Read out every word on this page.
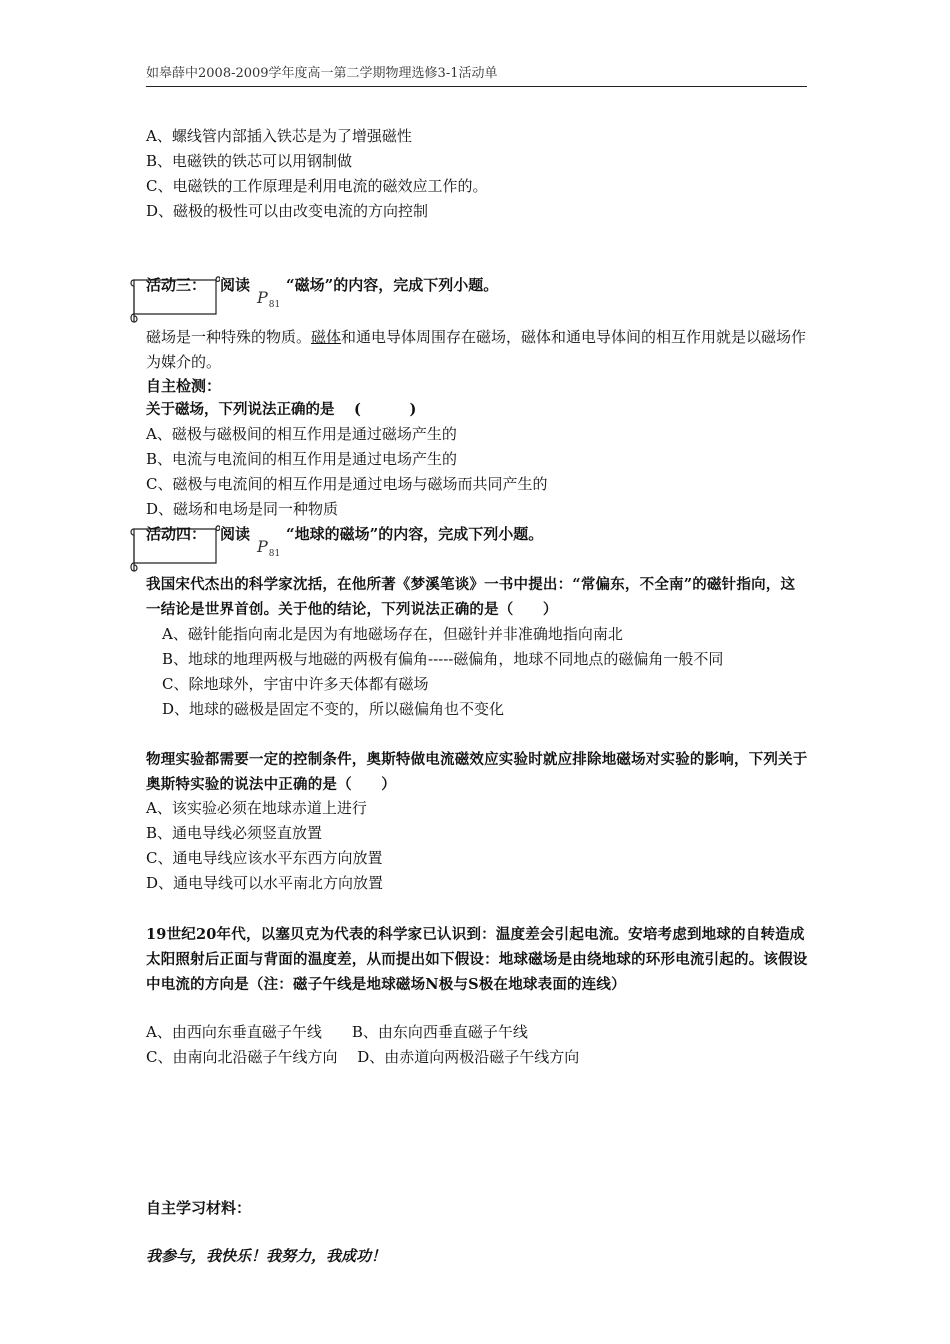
如皋薛中2008-2009学年度高一第二学期物理选修3-1活动单
A、螺线管内部插入铁芯是为了增强磁性
B、电磁铁的铁芯可以用钢制做
C、电磁铁的工作原理是利用电流的磁效应工作的。
D、磁极的极性可以由改变电流的方向控制
活动三： 阅读
$P_{81}$
“磁场”的内容，完成下列小题。
磁场是一种特殊的物质。磁体和通电导体周围存在磁场，磁体和通电导体间的相互作用就是以磁场作为媒介的。
自主检测：
关于磁场，下列说法正确的是　 (　　　 )
A、磁极与磁极间的相互作用是通过磁场产生的
B、电流与电流间的相互作用是通过电场产生的
C、磁极与电流间的相互作用是通过电场与磁场而共同产生的
D、磁场和电场是同一种物质
活动四： 阅读
$P_{81}$
“地球的磁场”的内容，完成下列小题。
我国宋代杰出的科学家沈括，在他所著《梦溪笔谈》一书中提出：“常偏东，不全南”的磁针指向，这一结论是世界首创。关于他的结论，下列说法正确的是（　　）
A、磁针能指向南北是因为有地磁场存在，但磁针并非准确地指向南北
B、地球的地理两极与地磁的两极有偏角-----磁偏角，地球不同地点的磁偏角一般不同
C、除地球外，宇宙中许多天体都有磁场
D、地球的磁极是固定不变的，所以磁偏角也不变化
物理实验都需要一定的控制条件，奥斯特做电流磁效应实验时就应排除地磁场对实验的影响，下列关于奥斯特实验的说法中正确的是（　　）
A、该实验必须在地球赤道上进行
B、通电导线必须竖直放置
C、通电导线应该水平东西方向放置
D、通电导线可以水平南北方向放置
19世纪20年代，以塞贝克为代表的科学家已认识到：温度差会引起电流。安培考虑到地球的自转造成太阳照射后正面与背面的温度差，从而提出如下假设：地球磁场是由绕地球的环形电流引起的。该假设中电流的方向是（注：磁子午线是地球磁场N极与S极在地球表面的连线）
A、由西向东垂直磁子午线　　B、由东向西垂直磁子午线
C、由南向北沿磁子午线方向　 D、由赤道向两极沿磁子午线方向
自主学习材料：
我参与，我快乐！我努力，我成功！
